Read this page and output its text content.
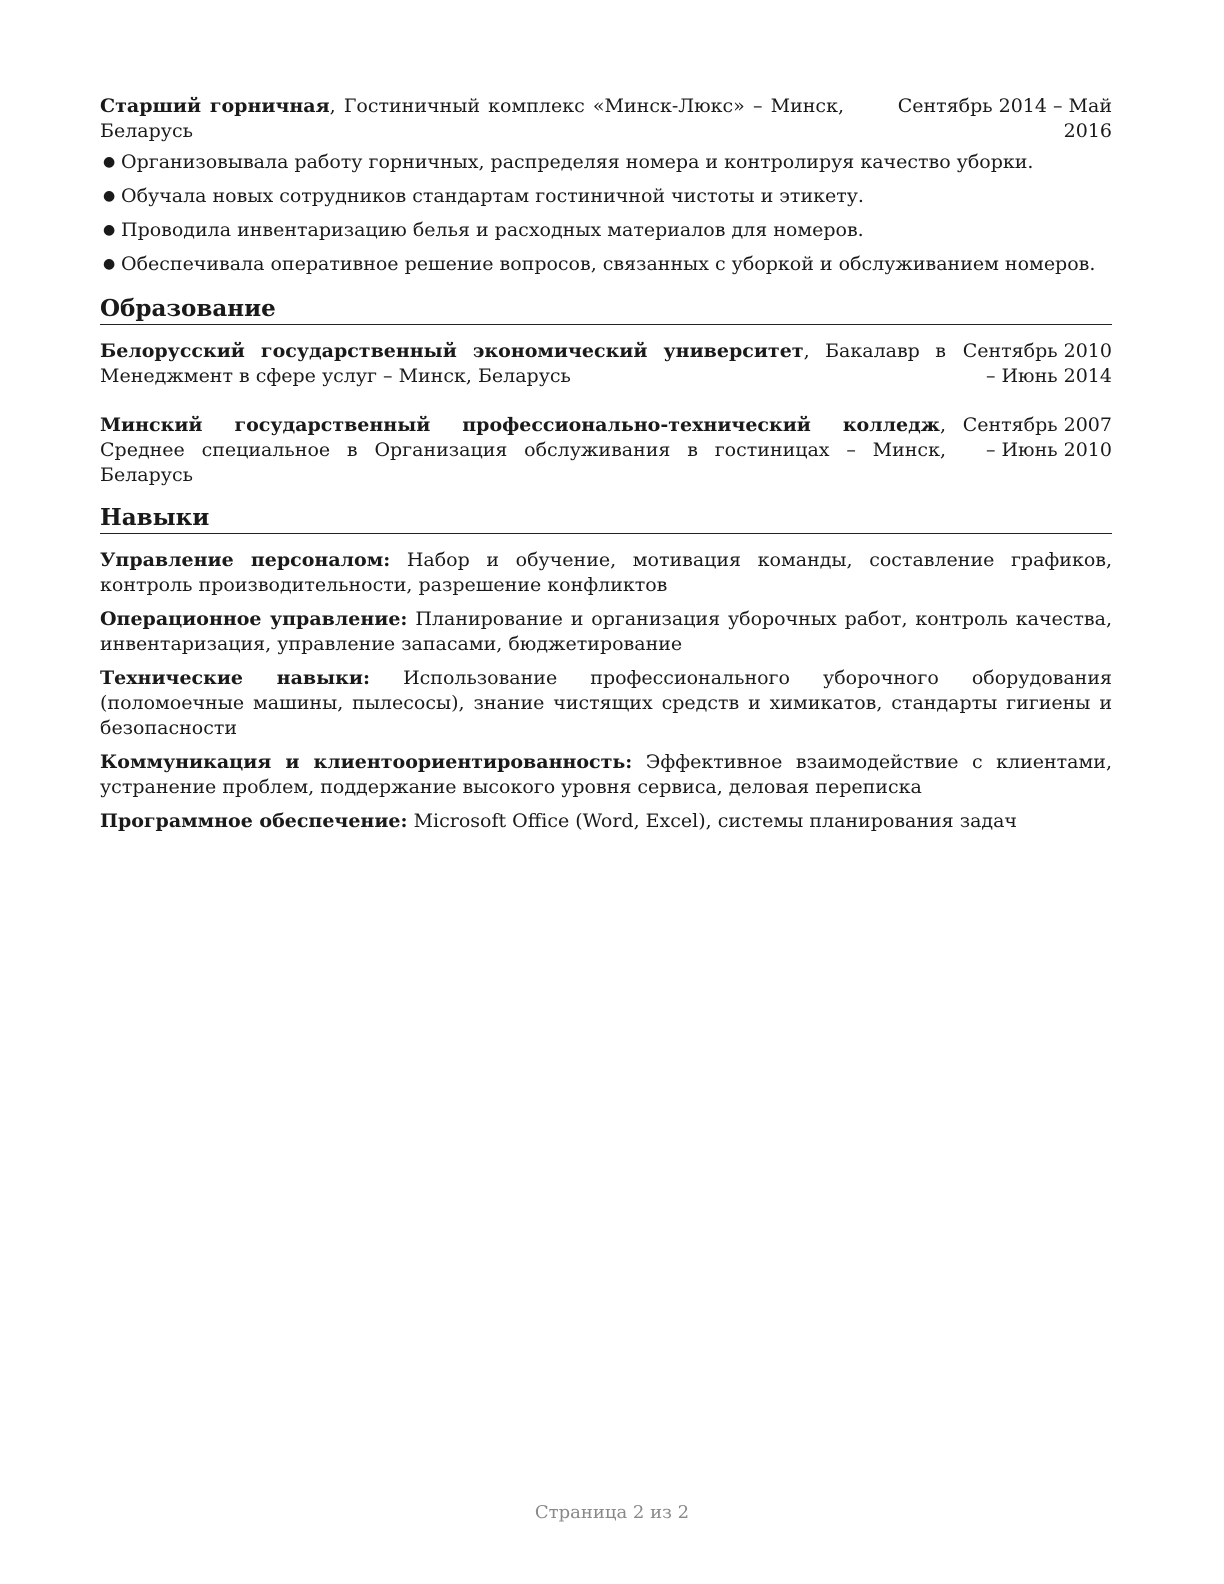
Старший горничная, Гостиничный комплекс «Минск-Люкс» – Минск, Беларусь
Сентябрь 2014 – Май 2016
● Организовывала работу горничных, распределяя номера и контролируя качество уборки.
● Обучала новых сотрудников стандартам гостиничной чистоты и этикету.
● Проводила инвентаризацию белья и расходных материалов для номеров.
● Обеспечивала оперативное решение вопросов, связанных с уборкой и обслуживанием номеров.
Образование
Белорусский государственный экономический университет, Бакалавр в Менеджмент в сфере услуг – Минск, Беларусь
Сентябрь 2010 – Июнь 2014
Минский государственный профессионально-технический колледж, Среднее специальное в Организация обслуживания в гостиницах – Минск, Беларусь
Сентябрь 2007 – Июнь 2010
Навыки
Управление персоналом: Набор и обучение, мотивация команды, составление графиков, контроль производительности, разрешение конфликтов
Операционное управление: Планирование и организация уборочных работ, контроль качества, инвентаризация, управление запасами, бюджетирование
Технические навыки: Использование профессионального уборочного оборудования (поломоечные машины, пылесосы), знание чистящих средств и химикатов, стандарты гигиены и безопасности
Коммуникация и клиентоориентированность: Эффективное взаимодействие с клиентами, устранение проблем, поддержание высокого уровня сервиса, деловая переписка
Программное обеспечение: Microsoft Office (Word, Excel), системы планирования задач
Страница 2 из 2
